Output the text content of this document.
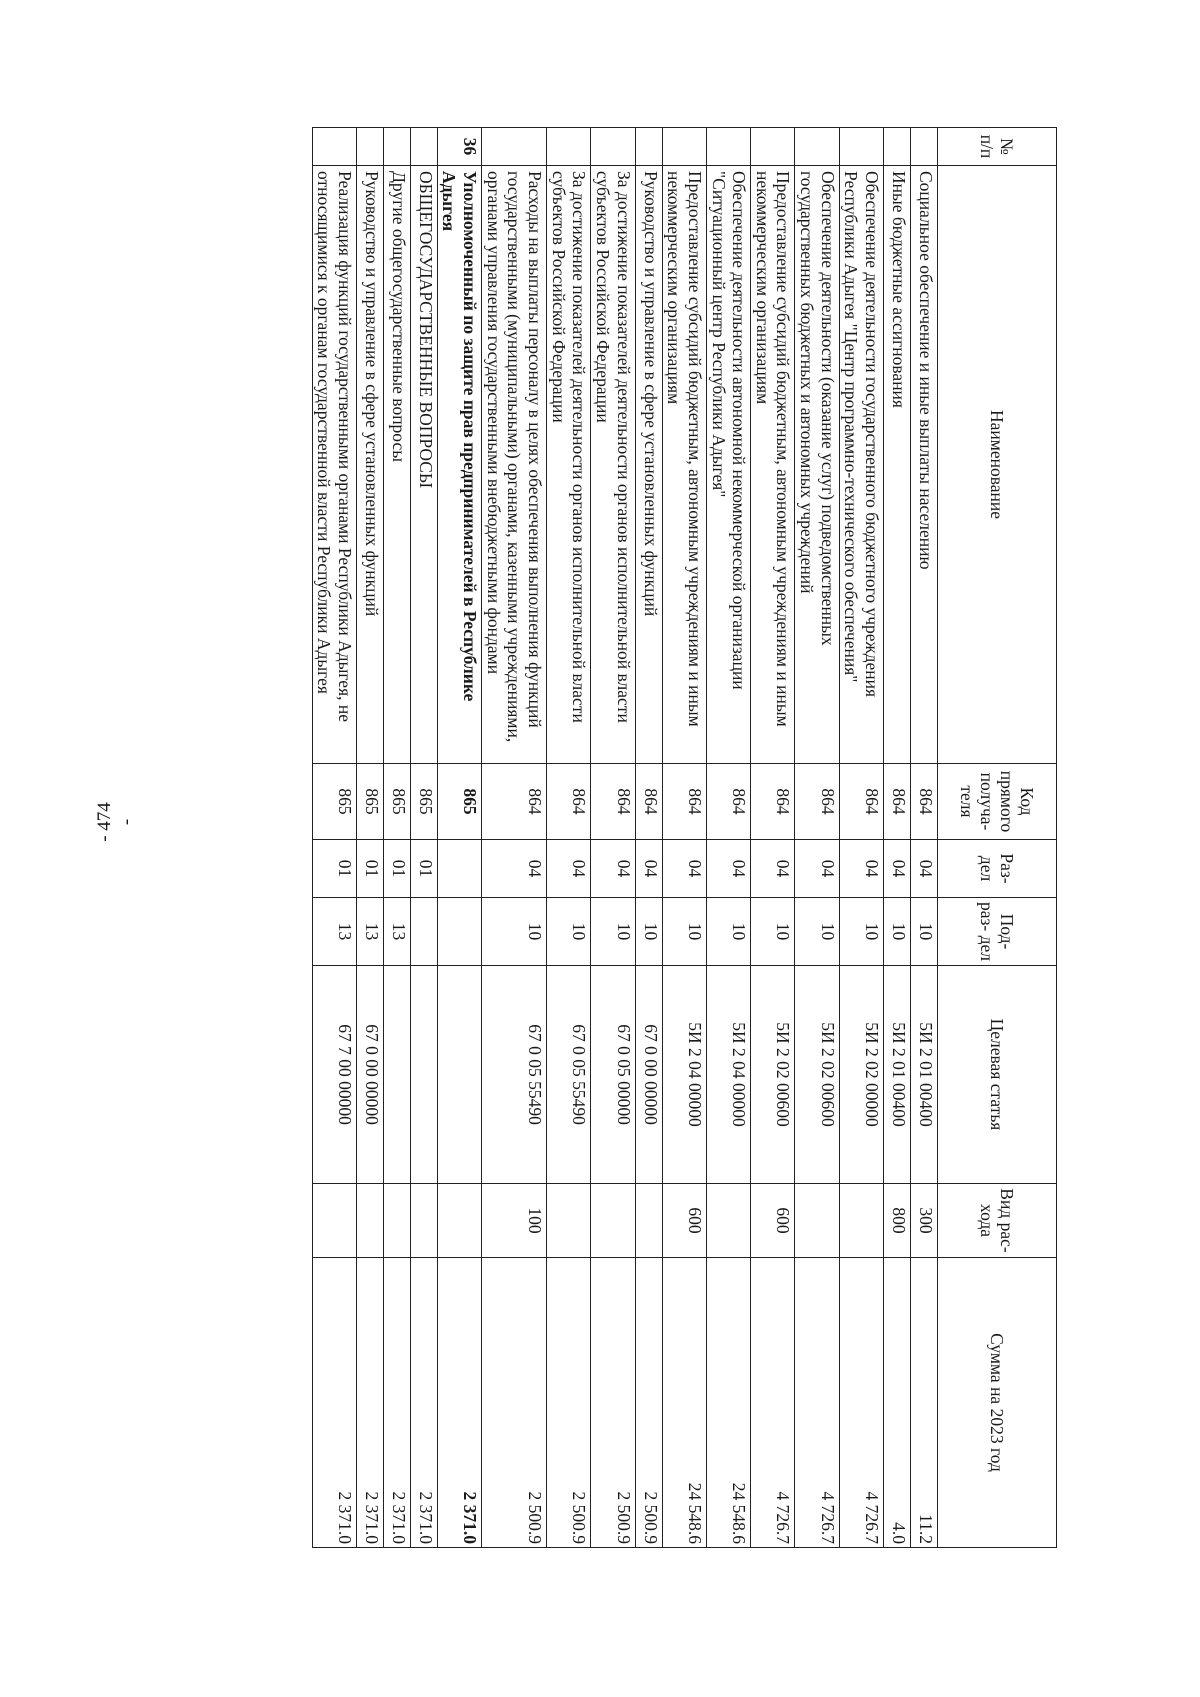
- 474 -
№ п/п	Наименование	Код прямого получа- теля	Раз- дел	Под- раз- дел	Целевая статья	Вид рас- хода	Сумма на 2023 год
	Социальное обеспечение и иные выплаты населению	864	04	10	5И 2 01 00400	300	11.2
	Иные бюджетные ассигнования	864	04	10	5И 2 01 00400	800	4.0
	Обеспечение деятельности государственного бюджетного учреждения Республики Адыгея "Центр программно-технического обеспечения"	864	04	10	5И 2 02 00000		4 726.7
	Обеспечение деятельности (оказание услуг) подведомственных государственных бюджетных и автономных учреждений	864	04	10	5И 2 02 00600		4 726.7
	Предоставление субсидий бюджетным, автономным учреждениям и иным некоммерческим организациям	864	04	10	5И 2 02 00600	600	4 726.7
	Обеспечение деятельности автономной некоммерческой организации "Ситуационный центр Республики Адыгея"	864	04	10	5И 2 04 00000		24 548.6
	Предоставление субсидий бюджетным, автономным учреждениям и иным некоммерческим организациям	864	04	10	5И 2 04 00000	600	24 548.6
	Руководство и управление в сфере установленных функций	864	04	10	67 0 00 00000		2 500.9
	За достижение показателей деятельности органов исполнительной власти субъектов Российской Федерации	864	04	10	67 0 05 00000		2 500.9
	За достижение показателей деятельности органов исполнительной власти субъектов Российской Федерации	864	04	10	67 0 05 55490		2 500.9
	Расходы на выплаты персоналу в целях обеспечения выполнения функций государственными (муниципальными) органами, казенными учреждениями, органами управления государственными внебюджетными фондами	864	04	10	67 0 05 55490	100	2 500.9
36	Уполномоченный по защите прав предпринимателей в Республике Адыгея	865					2 371.0
	ОБЩЕГОСУДАРСТВЕННЫЕ ВОПРОСЫ	865	01				2 371.0
	Другие общегосударственные вопросы	865	01	13			2 371.0
	Руководство и управление в сфере установленных функций	865	01	13	67 0 00 00000		2 371.0
	Реализация функций государственными органами Республики Адыгея, не относящимися к органам государственной власти Республики Адыгея	865	01	13	67 7 00 00000		2 371.0
